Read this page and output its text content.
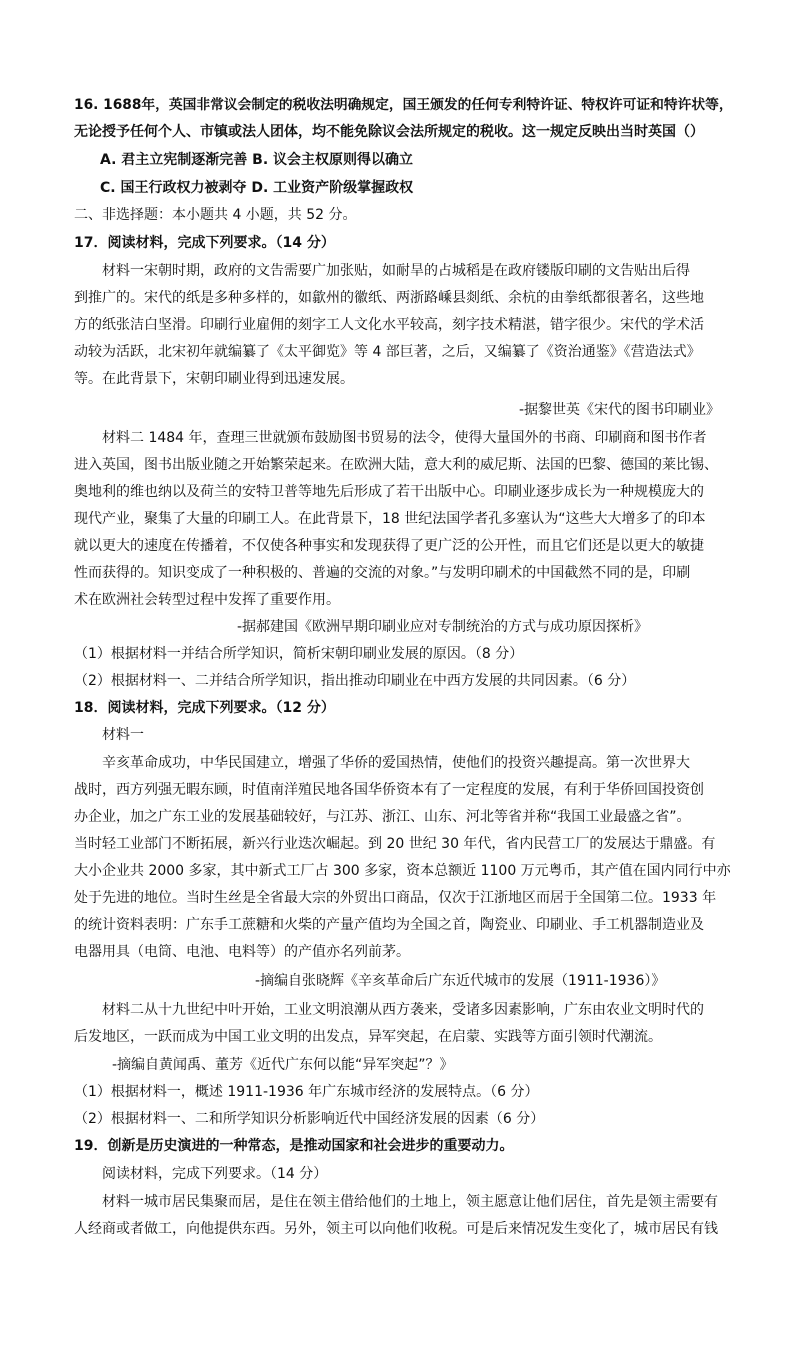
16. 1688年，英国非常议会制定的税收法明确规定，国王颁发的任何专利特许证、特权许可证和特许状等，
无论授予任何个人、市镇或法人团体，均不能免除议会法所规定的税收。这一规定反映出当时英国（）
A. 君主立宪制逐渐完善 B. 议会主权原则得以确立
C. 国王行政权力被剥夺 D. 工业资产阶级掌握政权
二、非选择题：本小题共 4 小题，共 52 分。
17．阅读材料，完成下列要求。（14 分）
材料一宋朝时期，政府的文告需要广加张贴，如耐旱的占城稻是在政府镂版印刷的文告贴出后得
到推广的。宋代的纸是多种多样的，如歙州的徽纸、两浙路嵊县剡纸、余杭的由拳纸都很著名，这些地
方的纸张洁白坚滑。印刷行业雇佣的刻字工人文化水平较高，刻字技术精湛，错字很少。宋代的学术活
动较为活跃，北宋初年就编纂了《太平御览》等 4 部巨著，之后，又编纂了《资治通鉴》《营造法式》
等。在此背景下，宋朝印刷业得到迅速发展。
-据黎世英《宋代的图书印刷业》
材料二 1484 年，查理三世就颁布鼓励图书贸易的法令，使得大量国外的书商、印刷商和图书作者
进入英国，图书出版业随之开始繁荣起来。在欧洲大陆，意大利的威尼斯、法国的巴黎、德国的莱比锡、
奥地利的维也纳以及荷兰的安特卫普等地先后形成了若干出版中心。印刷业逐步成长为一种规模庞大的
现代产业，聚集了大量的印刷工人。在此背景下，18 世纪法国学者孔多塞认为“这些大大增多了的印本
就以更大的速度在传播着，不仅使各种事实和发现获得了更广泛的公开性，而且它们还是以更大的敏捷
性而获得的。知识变成了一种积极的、普遍的交流的对象。”与发明印刷术的中国截然不同的是，印刷
术在欧洲社会转型过程中发挥了重要作用。
-据郝建国《欧洲早期印刷业应对专制统治的方式与成功原因探析》
（1）根据材料一并结合所学知识，简析宋朝印刷业发展的原因。（8 分）
（2）根据材料一、二并结合所学知识，指出推动印刷业在中西方发展的共同因素。（6 分）
18．阅读材料，完成下列要求。（12 分）
材料一
辛亥革命成功，中华民国建立，增强了华侨的爱国热情，使他们的投资兴趣提高。第一次世界大
战时，西方列强无暇东顾，时值南洋殖民地各国华侨资本有了一定程度的发展，有利于华侨回国投资创
办企业，加之广东工业的发展基础较好，与江苏、浙江、山东、河北等省并称“我国工业最盛之省”。
当时轻工业部门不断拓展，新兴行业迭次崛起。到 20 世纪 30 年代，省内民营工厂的发展达于鼎盛。有
大小企业共 2000 多家，其中新式工厂占 300 多家，资本总额近 1100 万元粤币，其产值在国内同行中亦
处于先进的地位。当时生丝是全省最大宗的外贸出口商品，仅次于江浙地区而居于全国第二位。1933 年
的统计资料表明：广东手工蔗糖和火柴的产量产值均为全国之首，陶瓷业、印刷业、手工机器制造业及
电器用具（电筒、电池、电料等）的产值亦名列前茅。
-摘编自张晓辉《辛亥革命后广东近代城市的发展（1911-1936）》
材料二从十九世纪中叶开始，工业文明浪潮从西方袭来，受诸多因素影响，广东由农业文明时代的
后发地区，一跃而成为中国工业文明的出发点，异军突起，在启蒙、实践等方面引领时代潮流。
-摘编自黄闻禹、董芳《近代广东何以能“异军突起”？》
（1）根据材料一，概述 1911-1936 年广东城市经济的发展特点。（6 分）
（2）根据材料一、二和所学知识分析影响近代中国经济发展的因素（6 分）
19．创新是历史演进的一种常态，是推动国家和社会进步的重要动力。
阅读材料，完成下列要求。（14 分）
材料一城市居民集聚而居，是住在领主借给他们的土地上，领主愿意让他们居住，首先是领主需要有
人经商或者做工，向他提供东西。另外，领主可以向他们收税。可是后来情况发生变化了，城市居民有钱
